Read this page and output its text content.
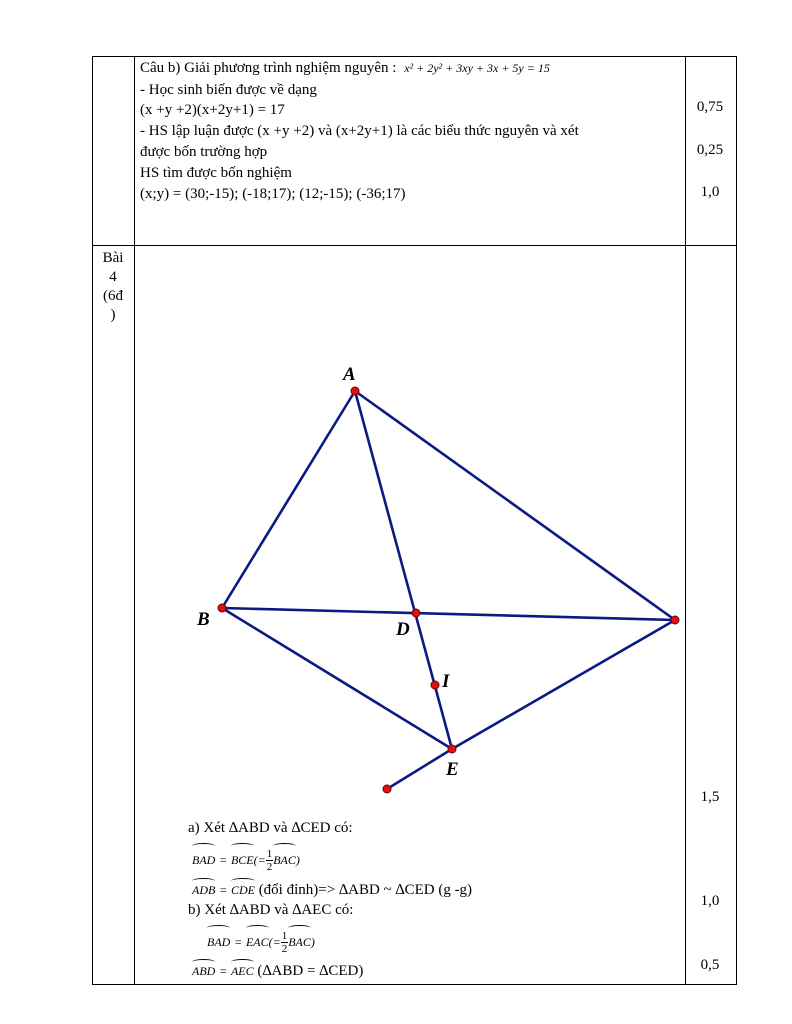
Câu b) Giải phương trình nghiệm nguyên : x² + 2y² + 3xy + 3x + 5y = 15
- Học sinh biến được về dạng
(x +y +2)(x+2y+1) = 17
- HS lập luận được (x +y +2) và (x+2y+1) là các biểu thức nguyên và xét
được bốn trường hợp
HS tìm được bốn nghiệm
(x;y) = (30;-15); (-18;17); (12;-15); (-36;17)
0,75
0,25
1,0
Bài
4
(6đ
)
A
B	D
I
E
1,5
a) Xét ∆ABD và ∆CED có:
BAD = $BCE(= \frac{1}{2} BAC)$
ADB = CDE (đối đỉnh)=> ∆ABD ~ ∆CED (g -g)
1,0
b) Xét ∆ABD và ∆AEC có:
BAD = $EAC(= \frac{1}{2} BAC)$
ABD = AEC (∆ABD = ∆CED)	0,5
